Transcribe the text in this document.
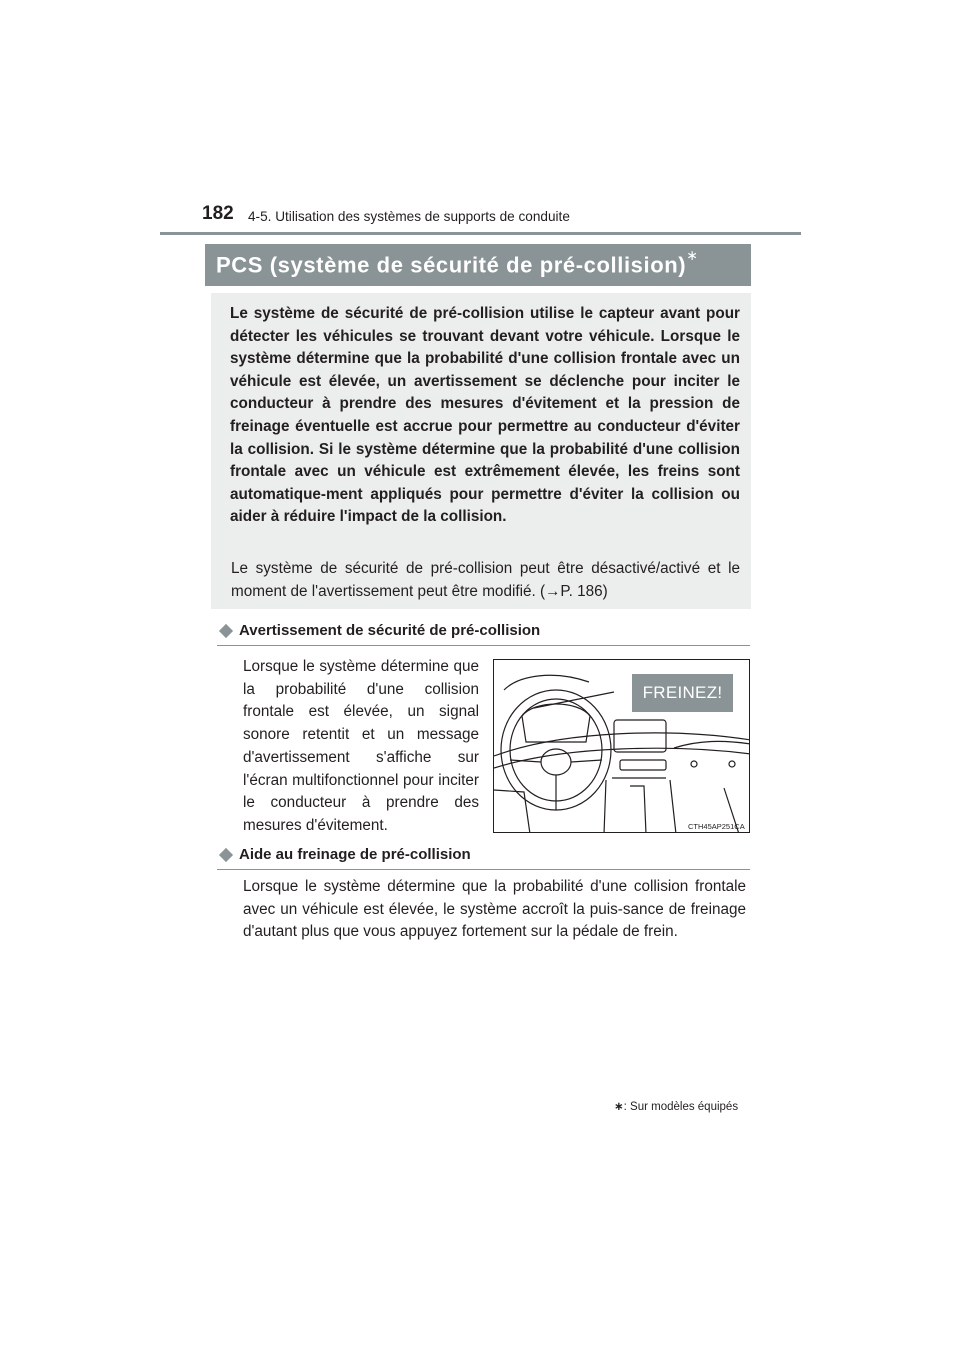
182 4-5. Utilisation des systèmes de supports de conduite
PCS (système de sécurité de pré-collision)∗
Le système de sécurité de pré-collision utilise le capteur avant pour détecter les véhicules se trouvant devant votre véhicule. Lorsque le système détermine que la probabilité d'une collision frontale avec un véhicule est élevée, un avertissement se déclenche pour inciter le conducteur à prendre des mesures d'évitement et la pression de freinage éventuelle est accrue pour permettre au conducteur d'éviter la collision. Si le système détermine que la probabilité d'une collision frontale avec un véhicule est extrêmement élevée, les freins sont automatique-ment appliqués pour permettre d'éviter la collision ou aider à réduire l'impact de la collision.
Le système de sécurité de pré-collision peut être désactivé/activé et le moment de l'avertissement peut être modifié. (→P. 186)
Avertissement de sécurité de pré-collision
Lorsque le système détermine que la probabilité d'une collision frontale est élevée, un signal sonore retentit et un message d'avertissement s'affiche sur l'écran multifonctionnel pour inciter le conducteur à prendre des mesures d'évitement.
FREINEZ!
CTH45AP251CA
Aide au freinage de pré-collision
Lorsque le système détermine que la probabilité d'une collision frontale avec un véhicule est élevée, le système accroît la puis-sance de freinage d'autant plus que vous appuyez fortement sur la pédale de frein.
∗: Sur modèles équipés
